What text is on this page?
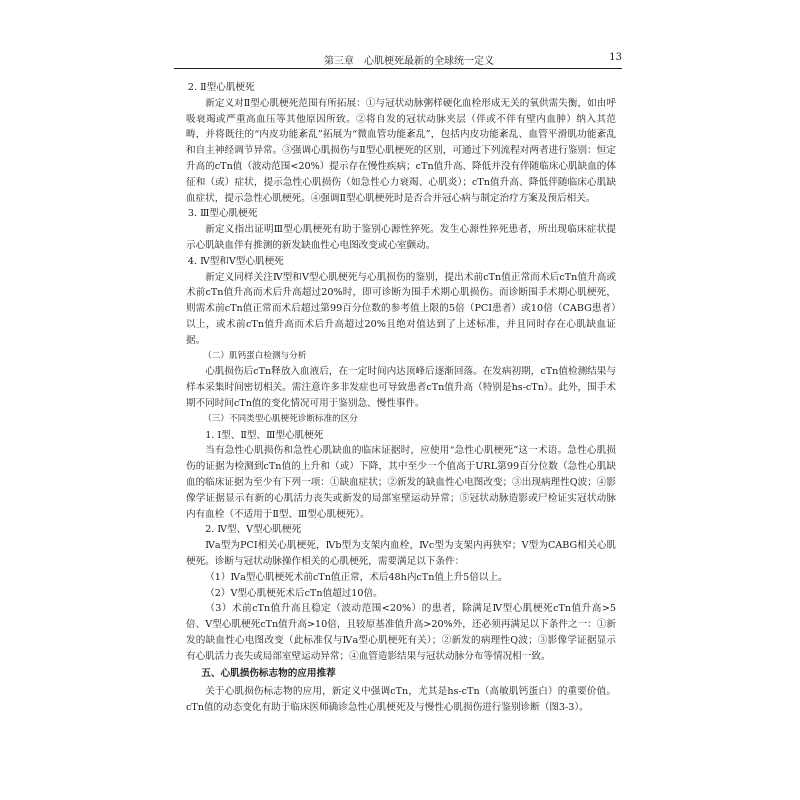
第三章　心肌梗死最新的全球统一定义	13

2. Ⅱ型心肌梗死

新定义对Ⅱ型心肌梗死范围有所拓展：①与冠状动脉粥样硬化血栓形成无关的氧供需失衡，如由呼吸衰竭或严重高血压等其他原因所致。②将自发的冠状动脉夹层（伴或不伴有壁内血肿）纳入其范畴，并将既往的“内皮功能紊乱”拓展为“微血管功能紊乱”，包括内皮功能紊乱、血管平滑肌功能紊乱和自主神经调节异常。③强调心肌损伤与Ⅱ型心肌梗死的区别，可通过下列流程对两者进行鉴别：恒定升高的cTn值（波动范围<20%）提示存在慢性疾病；cTn值升高、降低并没有伴随临床心肌缺血的体征和（或）症状，提示急性心肌损伤（如急性心力衰竭、心肌炎）；cTn值升高、降低伴随临床心肌缺血症状，提示急性心肌梗死。④强调Ⅱ型心肌梗死时是否合并冠心病与制定治疗方案及预后相关。

3. Ⅲ型心肌梗死

新定义指出证明Ⅲ型心肌梗死有助于鉴别心源性猝死。发生心源性猝死患者，所出现临床症状提示心肌缺血伴有推测的新发缺血性心电图改变或心室颤动。

4. Ⅳ型和Ⅴ型心肌梗死

新定义同样关注Ⅳ型和Ⅴ型心肌梗死与心肌损伤的鉴别，提出术前cTn值正常而术后cTn值升高或术前cTn值升高而术后升高超过20%时，即可诊断为围手术期心肌损伤。而诊断围手术期心肌梗死，则需术前cTn值正常而术后超过第99百分位数的参考值上限的5倍（PCI患者）或10倍（CABG患者）以上，或术前cTn值升高而术后升高超过20%且绝对值达到了上述标准，并且同时存在心肌缺血证据。

（二）肌钙蛋白检测与分析

心肌损伤后cTn释放入血液后，在一定时间内达顶峰后逐渐回落。在发病初期，cTn值检测结果与样本采集时间密切相关。需注意许多非发症也可导致患者cTn值升高（特别是hs-cTn）。此外，围手术期不同时间cTn值的变化情况可用于鉴别急、慢性事件。

（三）不同类型心肌梗死诊断标准的区分

1. Ⅰ型、Ⅱ型、Ⅲ型心肌梗死

当有急性心肌损伤和急性心肌缺血的临床证据时，应使用“急性心肌梗死”这一术语。急性心肌损伤的证据为检测到cTn值的上升和（或）下降，其中至少一个值高于URL第99百分位数（急性心肌缺血的临床证据为至少有下列一项：①缺血症状；②新发的缺血性心电图改变；③出现病理性Q波；④影像学证据显示有新的心肌活力丧失或新发的局部室壁运动异常；⑤冠状动脉造影或尸检证实冠状动脉内有血栓（不适用于Ⅱ型、Ⅲ型心肌梗死）。

2. Ⅳ型、Ⅴ型心肌梗死

Ⅳa型为PCI相关心肌梗死，Ⅳb型为支架内血栓，Ⅳc型为支架内再狭窄；Ⅴ型为CABG相关心肌梗死。诊断与冠状动脉操作相关的心肌梗死，需要满足以下条件：

（1）Ⅳa型心肌梗死术前cTn值正常，术后48h内cTn值上升5倍以上。

（2）Ⅴ型心肌梗死术后cTn值超过10倍。

（3）术前cTn值升高且稳定（波动范围<20%）的患者，除满足Ⅳ型心肌梗死cTn值升高>5倍、Ⅴ型心肌梗死cTn值升高>10倍，且较原基准值升高>20%外，还必须再满足以下条件之一：①新发的缺血性心电图改变（此标准仅与Ⅳa型心肌梗死有关）；②新发的病理性Q波；③影像学证据显示有心肌活力丧失或局部室壁运动异常；④血管造影结果与冠状动脉分布等情况相一致。

五、心肌损伤标志物的应用推荐

关于心肌损伤标志物的应用，新定义中强调cTn，尤其是hs-cTn（高敏肌钙蛋白）的重要价值。cTn值的动态变化有助于临床医师确诊急性心肌梗死及与慢性心肌损伤进行鉴别诊断（图3-3）。
